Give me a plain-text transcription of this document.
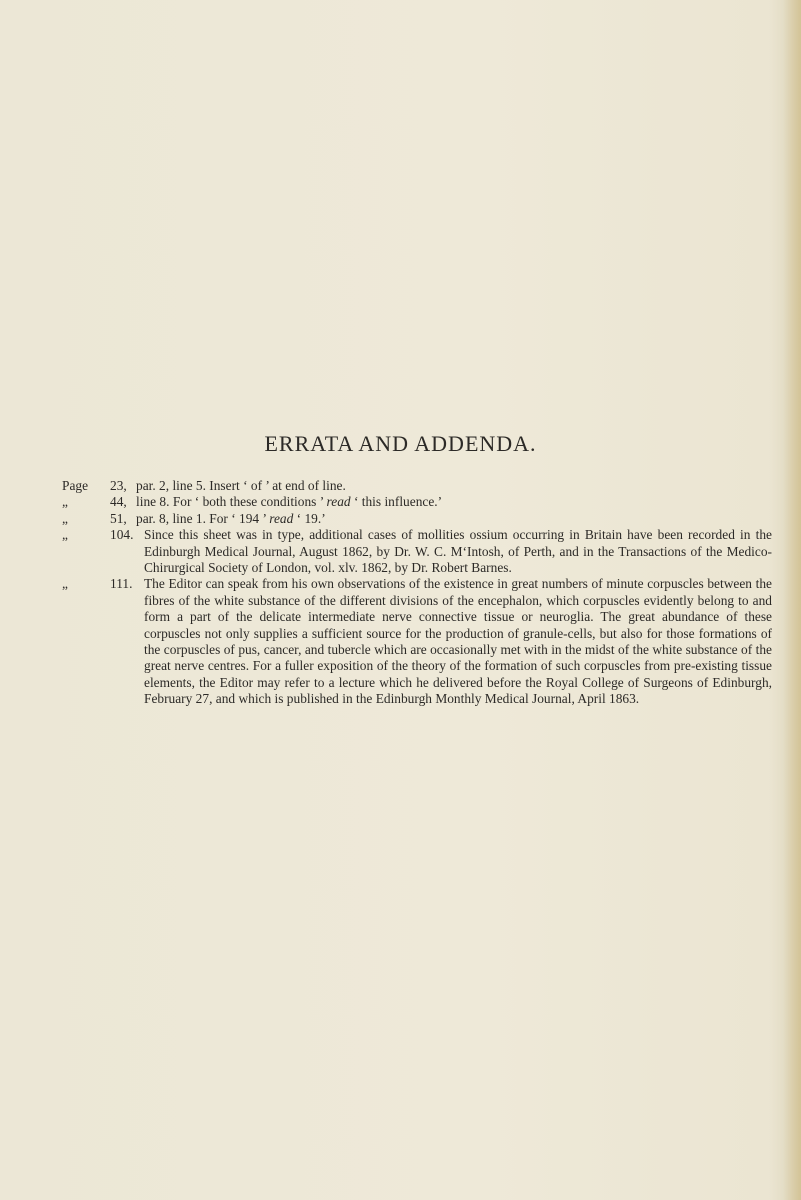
ERRATA AND ADDENDA.

Page	23, par. 2, line 5. Insert ‘ of ’ at end of line.

„	44, line 8. For ‘ both these conditions ’ read ‘ this influence.’

„	51, par. 8, line 1. For ‘ 194 ’ read ‘ 19.’

„	104. Since this sheet was in type, additional cases of mollities ossium occurring in Britain have been recorded in the Edinburgh Medical Journal, August 1862, by Dr. W. C. M‘Intosh, of Perth, and in the Transactions of the Medico-Chirurgical Society of London, vol. xlv. 1862, by Dr. Robert Barnes.

„	111. The Editor can speak from his own observations of the existence in great numbers of minute corpuscles between the fibres of the white substance of the different divisions of the encephalon, which corpuscles evidently belong to and form a part of the delicate intermediate nerve connective tissue or neuroglia. The great abundance of these corpuscles not only supplies a sufficient source for the production of granule-cells, but also for those formations of the corpuscles of pus, cancer, and tubercle which are occasionally met with in the midst of the white substance of the great nerve centres. For a fuller exposition of the theory of the formation of such corpuscles from pre-existing tissue elements, the Editor may refer to a lecture which he delivered before the Royal College of Surgeons of Edinburgh, February 27, and which is published in the Edinburgh Monthly Medical Journal, April 1863.
